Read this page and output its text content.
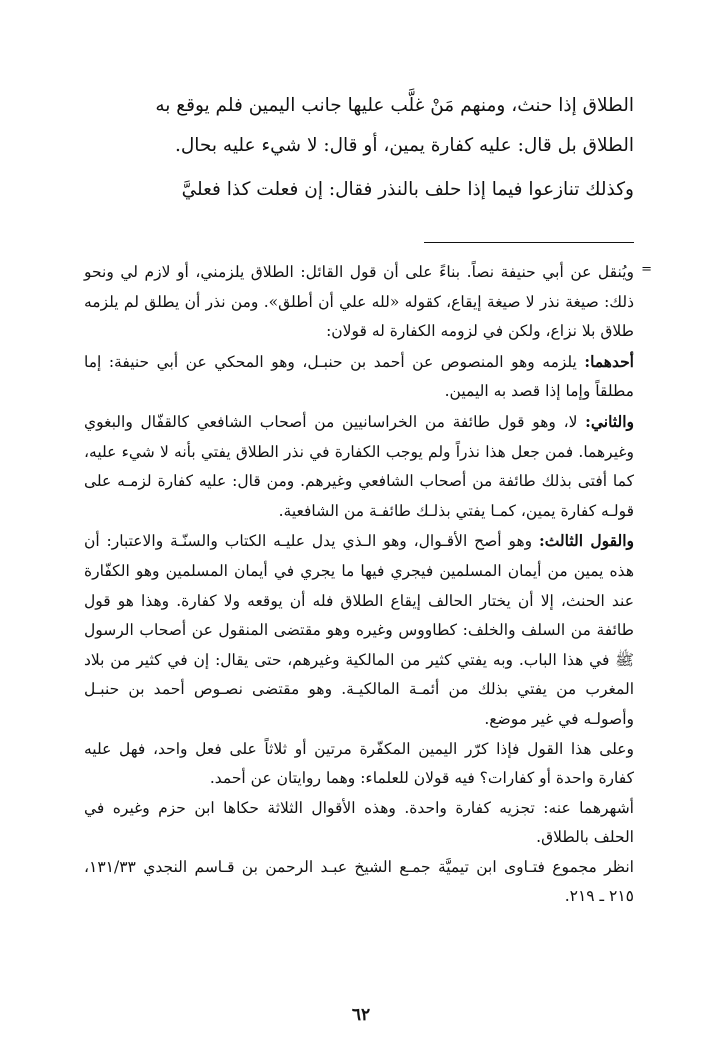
الطلاق إذا حنث، ومنهم مَنْ غلَّب عليها جانب اليمين فلم يوقع به

الطلاق بل قال: عليه كفارة يمين، أو قال: لا شيء عليه بحال.

وكذلك تنازعوا فيما إذا حلف بالنذر فقال: إن فعلت كذا فعليَّ

=

ويُنقل عن أبي حنيفة نصاً. بناءً على أن قول القائل: الطلاق يلزمني، أو لازم لي ونحو ذلك: صيغة نذر لا صيغة إيقاع، كقوله «لله علي أن أطلق». ومن نذر أن يطلق لم يلزمه طلاق بلا نزاع، ولكن في لزومه الكفارة له قولان:

أحدهما: يلزمه وهو المنصوص عن أحمد بن حنبـل، وهو المحكي عن أبي حنيفة: إما مطلقاً وإما إذا قصد به اليمين.

والثاني: لا، وهو قول طائفة من الخراسانيين من أصحاب الشافعي كالقفّال والبغوي وغيرهما. فمن جعل هذا نذراً ولم يوجب الكفارة في نذر الطلاق يفتي بأنه لا شيء عليه، كما أفتى بذلك طائفة من أصحاب الشافعي وغيرهم. ومن قال: عليه كفارة لزمـه على قولـه كفارة يمين، كمـا يفتي بذلـك طائفـة من الشافعية.

والقول الثالث: وهو أصح الأقـوال، وهو الـذي يدل عليـه الكتاب والسنّـة والاعتبار: أن هذه يمين من أيمان المسلمين فيجري فيها ما يجري في أيمان المسلمين وهو الكفّارة عند الحنث، إلا أن يختار الحالف إيقاع الطلاق فله أن يوقعه ولا كفارة. وهذا هو قول طائفة من السلف والخلف: كطاووس وغيره وهو مقتضى المنقول عن أصحاب الرسول ﷺ في هذا الباب. وبه يفتي كثير من المالكية وغيرهم، حتى يقال: إن في كثير من بلاد المغرب من يفتي بذلك من أئمـة المالكيـة. وهو مقتضى نصـوص أحمد بن حنبـل وأصولـه في غير موضع.

وعلى هذا القول فإذا كرّر اليمين المكفّرة مرتين أو ثلاثاً على فعل واحد، فهل عليه كفارة واحدة أو كفارات؟ فيه قولان للعلماء: وهما روايتان عن أحمد.

أشهرهما عنه: تجزيه كفارة واحدة. وهذه الأقوال الثلاثة حكاها ابن حزم وغيره في الحلف بالطلاق.

انظر مجموع فتـاوى ابن تيميَّة جمـع الشيخ عبـد الرحمن بن قـاسم النجدي ١٣١/٣٣، ٢١٥ ـ ٢١٩.

٦٢
